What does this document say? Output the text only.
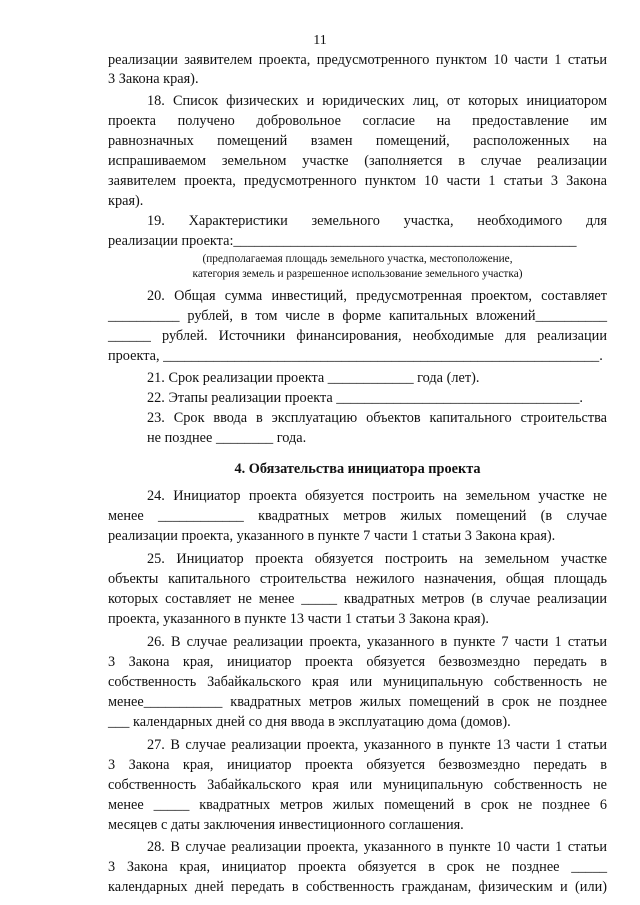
11
реализации заявителем проекта, предусмотренного пунктом 10 части 1 статьи
3 Закона края).
18. Список физических и юридических лиц, от которых инициатором
проекта получено добровольное согласие на предоставление им
равнозначных помещений взамен помещений, расположенных на
испрашиваемом земельном участке (заполняется в случае реализации
заявителем проекта, предусмотренного пунктом 10 части 1 статьи 3 Закона
края).
19. Характеристики земельного участка, необходимого для
реализации проекта:________________________________________________
(предполагаемая площадь земельного участка, местоположение,
категория земель и разрешенное использование земельного участка)
20. Общая сумма инвестиций, предусмотренная проектом, составляет
__________ рублей, в том числе в форме капитальных вложений__________
______ рублей. Источники финансирования, необходимые для реализации
проекта, _____________________________________________________________.
21. Срок реализации проекта ____________ года (лет).
22. Этапы реализации проекта __________________________________.
23. Срок ввода в эксплуатацию объектов капитального строительства
не позднее ________ года.
4. Обязательства инициатора проекта
24. Инициатор проекта обязуется построить на земельном участке не
менее ____________ квадратных метров жилых помещений (в случае
реализации проекта, указанного в пункте 7 части 1 статьи 3 Закона края).
25. Инициатор проекта обязуется построить на земельном участке
объекты капитального строительства нежилого назначения, общая площадь
которых составляет не менее _____ квадратных метров (в случае реализации
проекта, указанного в пункте 13 части 1 статьи 3 Закона края).
26. В случае реализации проекта, указанного в пункте 7 части 1 статьи
3 Закона края, инициатор проекта обязуется безвозмездно передать в
собственность Забайкальского края или муниципальную собственность не
менее___________ квадратных метров жилых помещений в срок не позднее
___ календарных дней со дня ввода в эксплуатацию дома (домов).
27. В случае реализации проекта, указанного в пункте 13 части 1 статьи
3 Закона края, инициатор проекта обязуется безвозмездно передать в
собственность Забайкальского края или муниципальную собственность не
менее _____ квадратных метров жилых помещений в срок не позднее 6
месяцев с даты заключения инвестиционного соглашения.
28. В случае реализации проекта, указанного в пункте 10 части 1 статьи
3 Закона края, инициатор проекта обязуется в срок не позднее _____
календарных дней передать в собственность гражданам, физическим и (или)
